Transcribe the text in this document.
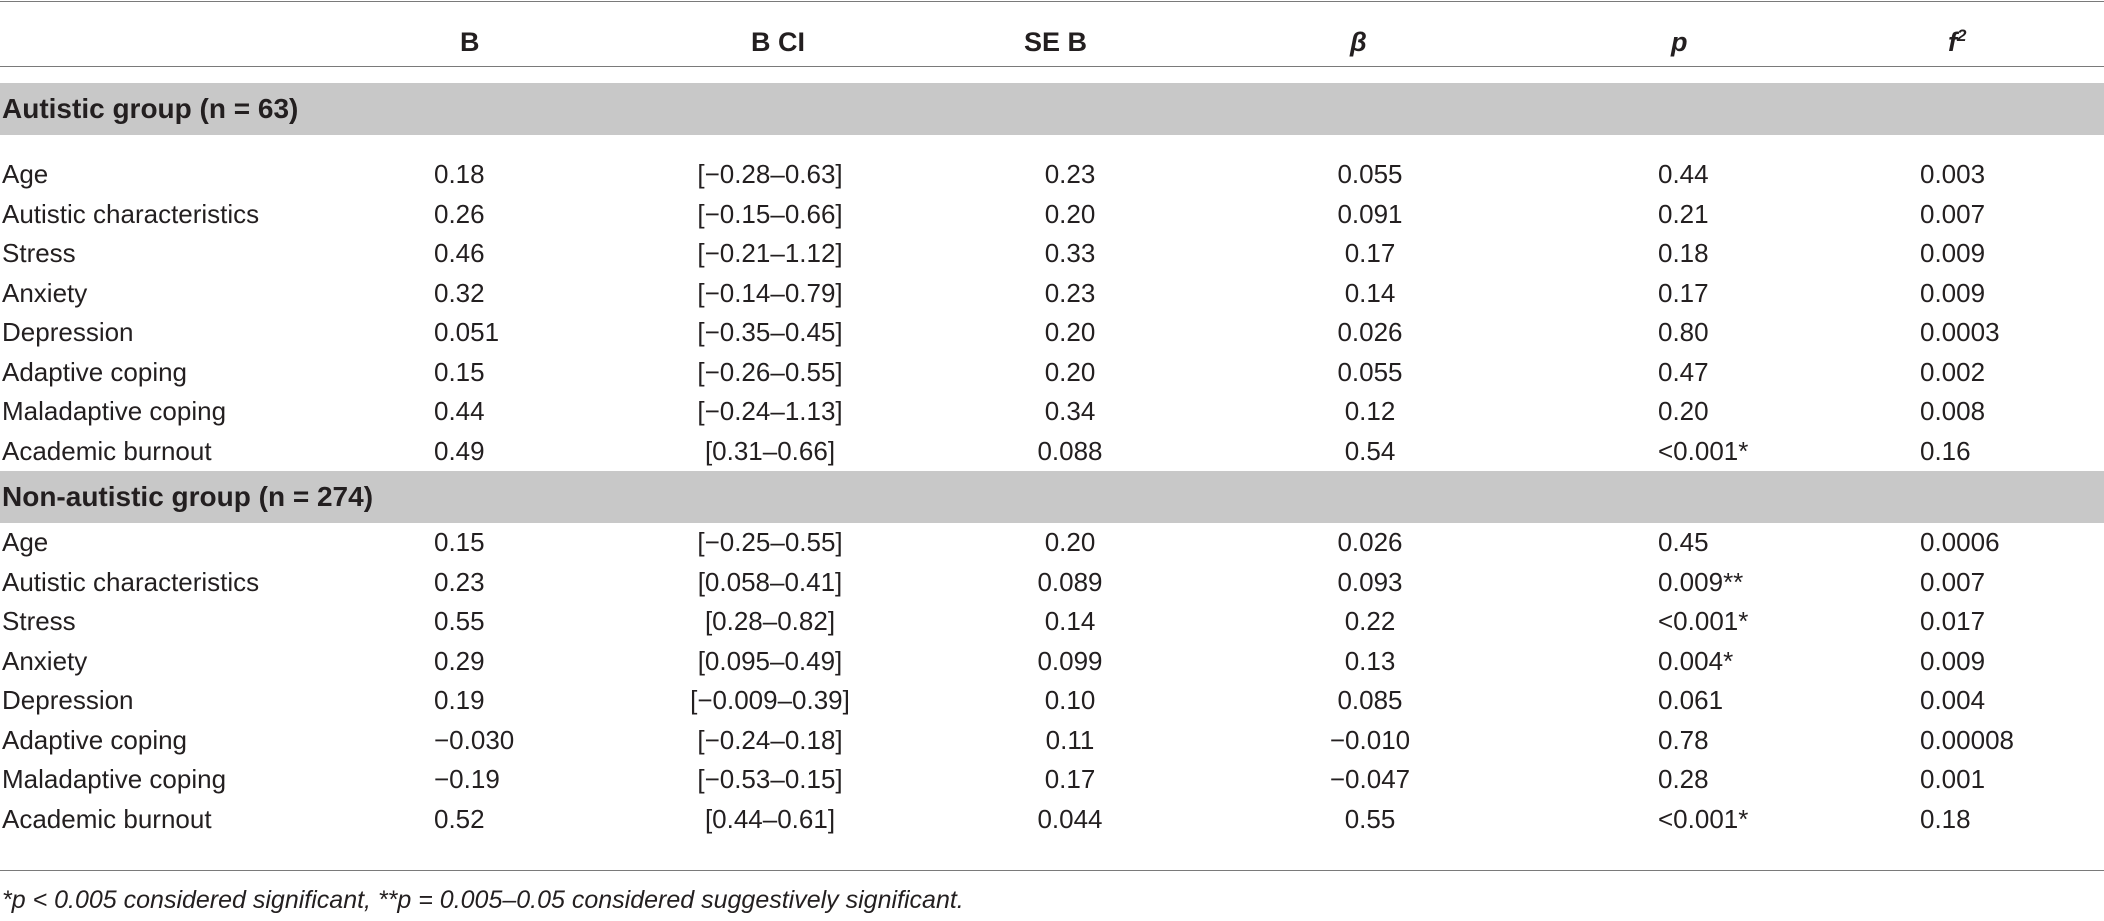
	B	B CI	SE B	β	p	$f^2$

Autistic group (n = 63)						

Age	0.18	[−0.28–0.63]	0.23	0.055	0.44	0.003
Autistic characteristics	0.26	[−0.15–0.66]	0.20	0.091	0.21	0.007
Stress	0.46	[−0.21–1.12]	0.33	0.17	0.18	0.009
Anxiety	0.32	[−0.14–0.79]	0.23	0.14	0.17	0.009
Depression	0.051	[−0.35–0.45]	0.20	0.026	0.80	0.0003
Adaptive coping	0.15	[−0.26–0.55]	0.20	0.055	0.47	0.002
Maladaptive coping	0.44	[−0.24–1.13]	0.34	0.12	0.20	0.008
Academic burnout	0.49	[0.31–0.66]	0.088	0.54	<0.001*	0.16
Non-autistic group (n = 274)						
Age	0.15	[−0.25–0.55]	0.20	0.026	0.45	0.0006
Autistic characteristics	0.23	[0.058–0.41]	0.089	0.093	0.009**	0.007
Stress	0.55	[0.28–0.82]	0.14	0.22	<0.001*	0.017
Anxiety	0.29	[0.095–0.49]	0.099	0.13	0.004*	0.009
Depression	0.19	[−0.009–0.39]	0.10	0.085	0.061	0.004
Adaptive coping	−0.030	[−0.24–0.18]	0.11	−0.010	0.78	0.00008
Maladaptive coping	−0.19	[−0.53–0.15]	0.17	−0.047	0.28	0.001
Academic burnout	0.52	[0.44–0.61]	0.044	0.55	<0.001*	0.18
*p < 0.005 considered significant, **p = 0.005–0.05 considered suggestively significant.
